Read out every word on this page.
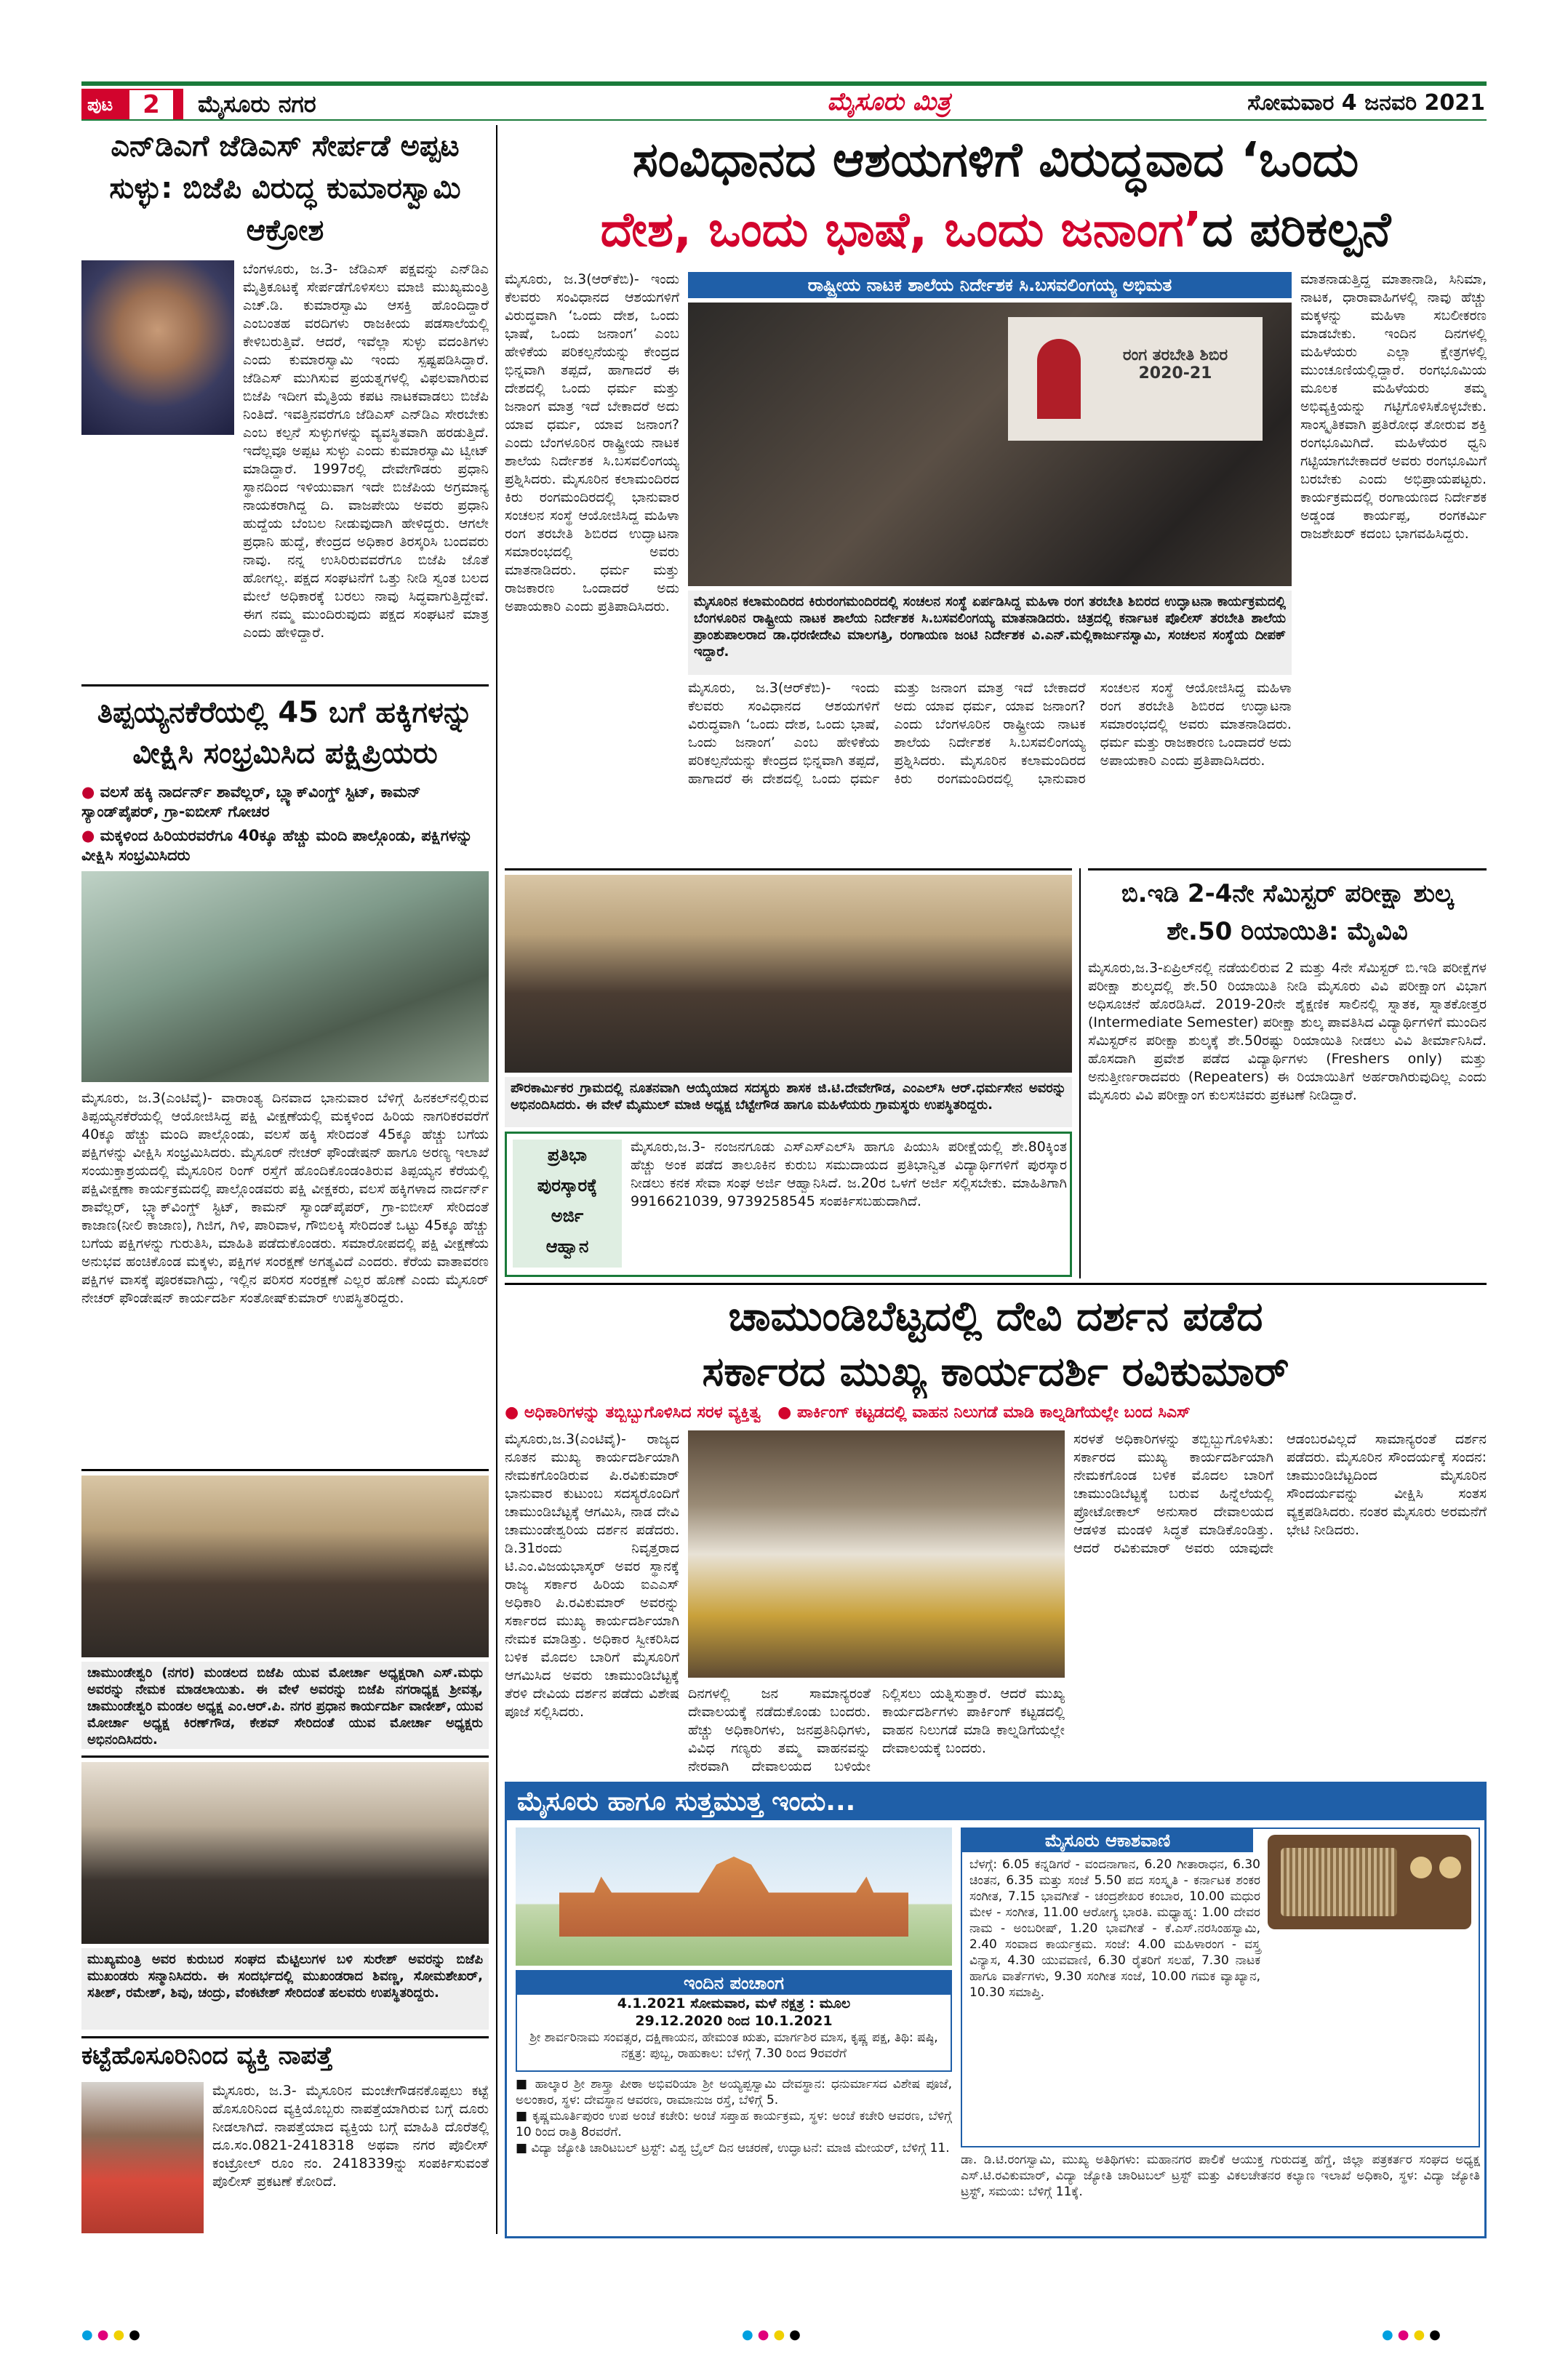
ಪುಟ	2	ಮೈಸೂರು ನಗರ	ಮೈಸೂರು ಮಿತ್ರ	ಸೋಮವಾರ 4 ಜನವರಿ 2021
ಎನ್‌ಡಿಎಗೆ ಜೆಡಿಎಸ್ ಸೇರ್ಪಡೆ ಅಪ್ಪಟ ಸುಳ್ಳು: ಬಿಜೆಪಿ ವಿರುದ್ಧ ಕುಮಾರಸ್ವಾಮಿ ಆಕ್ರೋಶ
ಬೆಂಗಳೂರು, ಜ.3- ಜೆಡಿಎಸ್ ಪಕ್ಷವನ್ನು ಎನ್‌ಡಿಎ ಮೈತ್ರಿಕೂಟಕ್ಕೆ ಸೇರ್ಪಡೆಗೊಳಿಸಲು ಮಾಜಿ ಮುಖ್ಯಮಂತ್ರಿ ಎಚ್.ಡಿ. ಕುಮಾರಸ್ವಾಮಿ ಆಸಕ್ತಿ ಹೊಂದಿದ್ದಾರೆ ಎಂಬಂತಹ ವರದಿಗಳು ರಾಜಕೀಯ ಪಡಸಾಲೆಯಲ್ಲಿ ಕೇಳಿಬರುತ್ತಿವೆ. ಆದರೆ, ಇವೆಲ್ಲಾ ಸುಳ್ಳು ವದಂತಿಗಳು ಎಂದು ಕುಮಾರಸ್ವಾಮಿ ಇಂದು ಸ್ಪಷ್ಟಪಡಿಸಿದ್ದಾರೆ. ಜೆಡಿಎಸ್ ಮುಗಿಸುವ ಪ್ರಯತ್ನಗಳಲ್ಲಿ ವಿಫಲವಾಗಿರುವ ಬಿಜೆಪಿ ಇದೀಗ ಮೈತ್ರಿಯ ಕಪಟ ನಾಟಕವಾಡಲು ಬಿಜೆಪಿ ನಿಂತಿದೆ. ಇವತ್ತಿನವರೆಗೂ ಜೆಡಿಎಸ್ ಎನ್‌ಡಿಎ ಸೇರಬೇಕು ಎಂಬ ಕಲ್ಪನೆ ಸುಳ್ಳುಗಳನ್ನು ವ್ಯವಸ್ಥಿತವಾಗಿ ಹರಡುತ್ತಿದೆ. ಇದೆಲ್ಲವೂ ಅಪ್ಪಟ ಸುಳ್ಳು ಎಂದು ಕುಮಾರಸ್ವಾಮಿ ಟ್ವೀಟ್ ಮಾಡಿದ್ದಾರೆ. 1997ರಲ್ಲಿ ದೇವೇಗೌಡರು ಪ್ರಧಾನಿ ಸ್ಥಾನದಿಂದ ಇಳಿಯುವಾಗ ಇದೇ ಬಿಜೆಪಿಯ ಅಗ್ರಮಾನ್ಯ ನಾಯಕರಾಗಿದ್ದ ದಿ. ವಾಜಪೇಯಿ ಅವರು ಪ್ರಧಾನಿ ಹುದ್ದೆಯ ಬೆಂಬಲ ನೀಡುವುದಾಗಿ ಹೇಳಿದ್ದರು. ಆಗಲೇ ಪ್ರಧಾನಿ ಹುದ್ದೆ, ಕೇಂದ್ರದ ಅಧಿಕಾರ ತಿರಸ್ಕರಿಸಿ ಬಂದವರು ನಾವು. ನನ್ನ ಉಸಿರಿರುವವರೆಗೂ ಬಿಜೆಪಿ ಜೊತೆ ಹೋಗಲ್ಲ. ಪಕ್ಷದ ಸಂಘಟನೆಗೆ ಒತ್ತು ನೀಡಿ ಸ್ವಂತ ಬಲದ ಮೇಲೆ ಅಧಿಕಾರಕ್ಕೆ ಬರಲು ನಾವು ಸಿದ್ಧವಾಗುತ್ತಿದ್ದೇವೆ. ಈಗ ನಮ್ಮ ಮುಂದಿರುವುದು ಪಕ್ಷದ ಸಂಘಟನೆ ಮಾತ್ರ ಎಂದು ಹೇಳಿದ್ದಾರೆ.
ತಿಪ್ಪಯ್ಯನಕೆರೆಯಲ್ಲಿ 45 ಬಗೆ ಹಕ್ಕಿಗಳನ್ನು ವೀಕ್ಷಿಸಿ ಸಂಭ್ರಮಿಸಿದ ಪಕ್ಷಿಪ್ರಿಯರು
● ವಲಸೆ ಹಕ್ಕಿ ನಾರ್ದರ್ನ್ ಶಾವೆಲ್ಲರ್, ಬ್ಲ್ಯಾಕ್‌ವಿಂಗ್ಡ್ ಸ್ಟಿಟ್, ಕಾಮನ್ ಸ್ಯಾಂಡ್‌ಪೈಪರ್, ಗ್ರಾ-ಐಬೀಸ್ ಗೋಚರ
● ಮಕ್ಕಳಿಂದ ಹಿರಿಯರವರೆಗೂ 40ಕ್ಕೂ ಹೆಚ್ಚು ಮಂದಿ ಪಾಲ್ಗೊಂಡು, ಪಕ್ಷಿಗಳನ್ನು ವೀಕ್ಷಿಸಿ ಸಂಭ್ರಮಿಸಿದರು
ಮೈಸೂರು, ಜ.3(ಎಂಟಿವೈ)- ವಾರಾಂತ್ಯ ದಿನವಾದ ಭಾನುವಾರ ಬೆಳಿಗ್ಗೆ ಹಿನಕಲ್‌ನಲ್ಲಿರುವ ತಿಪ್ಪಯ್ಯನಕೆರೆಯಲ್ಲಿ ಆಯೋಜಿಸಿದ್ದ ಪಕ್ಷಿ ವೀಕ್ಷಣೆಯಲ್ಲಿ ಮಕ್ಕಳಿಂದ ಹಿರಿಯ ನಾಗರಿಕರವರೆಗೆ 40ಕ್ಕೂ ಹೆಚ್ಚು ಮಂದಿ ಪಾಲ್ಗೊಂಡು, ವಲಸೆ ಹಕ್ಕಿ ಸೇರಿದಂತೆ 45ಕ್ಕೂ ಹೆಚ್ಚು ಬಗೆಯ ಪಕ್ಷಿಗಳನ್ನು ವೀಕ್ಷಿಸಿ ಸಂಭ್ರಮಿಸಿದರು. ಮೈಸೂರ್ ನೇಚರ್ ಫೌಂಡೇಷನ್ ಹಾಗೂ ಅರಣ್ಯ ಇಲಾಖೆ ಸಂಯುಕ್ತಾಶ್ರಯದಲ್ಲಿ ಮೈಸೂರಿನ ರಿಂಗ್ ರಸ್ತೆಗೆ ಹೊಂದಿಕೊಂಡಂತಿರುವ ತಿಪ್ಪಯ್ಯನ ಕೆರೆಯಲ್ಲಿ ಪಕ್ಷಿವೀಕ್ಷಣಾ ಕಾರ್ಯಕ್ರಮದಲ್ಲಿ ಪಾಲ್ಗೊಂಡವರು ಪಕ್ಷಿ ವೀಕ್ಷಕರು, ವಲಸೆ ಹಕ್ಕಿಗಳಾದ ನಾರ್ದರ್ನ್ ಶಾವೆಲ್ಲರ್, ಬ್ಲ್ಯಾಕ್‌ವಿಂಗ್ಡ್ ಸ್ಟಿಟ್, ಕಾಮನ್ ಸ್ಯಾಂಡ್‌ಪೈಪರ್, ಗ್ರಾ-ಐಬೀಸ್ ಸೇರಿದಂತೆ ಕಾಜಾಣ(ನೀಲಿ ಕಾಜಾಣ), ಗಿಜಿಗ, ಗಿಳಿ, ಪಾರಿವಾಳ, ಗೌಬಿಲಕ್ಕಿ ಸೇರಿದಂತೆ ಒಟ್ಟು 45ಕ್ಕೂ ಹೆಚ್ಚು ಬಗೆಯ ಪಕ್ಷಿಗಳನ್ನು ಗುರುತಿಸಿ, ಮಾಹಿತಿ ಪಡೆದುಕೊಂಡರು. ಸಮಾರೋಪದಲ್ಲಿ ಪಕ್ಷಿ ವೀಕ್ಷಣೆಯ ಅನುಭವ ಹಂಚಿಕೊಂಡ ಮಕ್ಕಳು, ಪಕ್ಷಿಗಳ ಸಂರಕ್ಷಣೆ ಅಗತ್ಯವಿದೆ ಎಂದರು. ಕೆರೆಯ ವಾತಾವರಣ ಪಕ್ಷಿಗಳ ವಾಸಕ್ಕೆ ಪೂರಕವಾಗಿದ್ದು, ಇಲ್ಲಿನ ಪರಿಸರ ಸಂರಕ್ಷಣೆ ಎಲ್ಲರ ಹೊಣೆ ಎಂದು ಮೈಸೂರ್ ನೇಚರ್ ಫೌಂಡೇಷನ್ ಕಾರ್ಯದರ್ಶಿ ಸಂತೋಷ್‌ಕುಮಾರ್ ಉಪಸ್ಥಿತರಿದ್ದರು.
ಚಾಮುಂಡೇಶ್ವರಿ (ನಗರ) ಮಂಡಲದ ಬಿಜೆಪಿ ಯುವ ಮೋರ್ಚಾ ಅಧ್ಯಕ್ಷರಾಗಿ ಎಸ್.ಮಧು ಅವರನ್ನು ನೇಮಕ ಮಾಡಲಾಯಿತು. ಈ ವೇಳೆ ಅವರನ್ನು ಬಿಜೆಪಿ ನಗರಾಧ್ಯಕ್ಷ ಶ್ರೀವತ್ಸ, ಚಾಮುಂಡೇಶ್ವರಿ ಮಂಡಲ ಅಧ್ಯಕ್ಷ ಎಂ.ಆರ್.ಪಿ. ನಗರ ಪ್ರಧಾನ ಕಾರ್ಯದರ್ಶಿ ವಾಣೀಶ್, ಯುವ ಮೋರ್ಚಾ ಅಧ್ಯಕ್ಷ ಕಿರಣ್‌ಗೌಡ, ಕೇಶವ್ ಸೇರಿದಂತೆ ಯುವ ಮೋರ್ಚಾ ಅಧ್ಯಕ್ಷರು ಅಭಿನಂದಿಸಿದರು.
ಮುಖ್ಯಮಂತ್ರಿ ಅವರ ಕುರುಬರ ಸಂಘದ ಮೆಟ್ಟಿಲುಗಳ ಬಳಿ ಸುರೇಶ್‌ ಅವರನ್ನು ಬಿಜೆಪಿ ಮುಖಂಡರು ಸನ್ಮಾನಿಸಿದರು. ಈ ಸಂದರ್ಭದಲ್ಲಿ ಮುಖಂಡರಾದ ಶಿವಣ್ಣ, ಸೋಮಶೇಖರ್, ಸತೀಶ್, ರಮೇಶ್, ಶಿವು, ಚಂದ್ರು, ವೆಂಕಟೇಶ್ ಸೇರಿದಂತೆ ಹಲವರು ಉಪಸ್ಥಿತರಿದ್ದರು.
ಕಟ್ಟೆಹೊಸೂರಿನಿಂದ ವ್ಯಕ್ತಿ ನಾಪತ್ತೆ
ಮೈಸೂರು, ಜ.3- ಮೈಸೂರಿನ ಮಂಚೇಗೌಡನಕೊಪ್ಪಲು ಕಟ್ಟೆ ಹೊಸೂರಿನಿಂದ ವ್ಯಕ್ತಿಯೊಬ್ಬರು ನಾಪತ್ತೆಯಾಗಿರುವ ಬಗ್ಗೆ ದೂರು ನೀಡಲಾಗಿದೆ. ನಾಪತ್ತೆಯಾದ ವ್ಯಕ್ತಿಯ ಬಗ್ಗೆ ಮಾಹಿತಿ ದೊರೆತಲ್ಲಿ ದೂ.ಸಂ.0821-2418318 ಅಥವಾ ನಗರ ಪೊಲೀಸ್ ಕಂಟ್ರೋಲ್ ರೂಂ ನಂ. 2418339ನ್ನು ಸಂಪರ್ಕಿಸುವಂತೆ ಪೊಲೀಸ್ ಪ್ರಕಟಣೆ ಕೋರಿದೆ.
ಸಂವಿಧಾನದ ಆಶಯಗಳಿಗೆ ವಿರುದ್ಧವಾದ ‘ಒಂದು
ದೇಶ, ಒಂದು ಭಾಷೆ, ಒಂದು ಜನಾಂಗ’ದ ಪರಿಕಲ್ಪನೆ
ಮೈಸೂರು, ಜ.3(ಆರ್‌ಕೆಬಿ)- ಇಂದು ಕೆಲವರು ಸಂವಿಧಾನದ ಆಶಯಗಳಿಗೆ ವಿರುದ್ಧವಾಗಿ ‘ಒಂದು ದೇಶ, ಒಂದು ಭಾಷೆ, ಒಂದು ಜನಾಂಗ’ ಎಂಬ ಹೇಳಿಕೆಯ ಪರಿಕಲ್ಪನೆಯನ್ನು ಕೇಂದ್ರದ ಭಿನ್ನವಾಗಿ ತಪ್ಪದೆ, ಹಾಗಾದರೆ ಈ ದೇಶದಲ್ಲಿ ಒಂದು ಧರ್ಮ ಮತ್ತು ಜನಾಂಗ ಮಾತ್ರ ಇದೆ ಬೇಕಾದರೆ ಅದು ಯಾವ ಧರ್ಮ, ಯಾವ ಜನಾಂಗ? ಎಂದು ಬೆಂಗಳೂರಿನ ರಾಷ್ಟ್ರೀಯ ನಾಟಕ ಶಾಲೆಯ ನಿರ್ದೇಶಕ ಸಿ.ಬಸವಲಿಂಗಯ್ಯ ಪ್ರಶ್ನಿಸಿದರು. ಮೈಸೂರಿನ ಕಲಾಮಂದಿರದ ಕಿರು ರಂಗಮಂದಿರದಲ್ಲಿ ಭಾನುವಾರ ಸಂಚಲನ ಸಂಸ್ಥೆ ಆಯೋಜಿಸಿದ್ದ ಮಹಿಳಾ ರಂಗ ತರಬೇತಿ ಶಿಬಿರದ ಉದ್ಘಾಟನಾ ಸಮಾರಂಭದಲ್ಲಿ ಅವರು ಮಾತನಾಡಿದರು. ಧರ್ಮ ಮತ್ತು ರಾಜಕಾರಣ ಒಂದಾದರೆ ಅದು ಅಪಾಯಕಾರಿ ಎಂದು ಪ್ರತಿಪಾದಿಸಿದರು.
ರಾಷ್ಟ್ರೀಯ ನಾಟಕ ಶಾಲೆಯ ನಿರ್ದೇಶಕ ಸಿ.ಬಸವಲಿಂಗಯ್ಯ ಅಭಿಮತ
ರಂಗ ತರಬೇತಿ ಶಿಬಿರ 2020-21
ಮೈಸೂರಿನ ಕಲಾಮಂದಿರದ ಕಿರುರಂಗಮಂದಿರದಲ್ಲಿ ಸಂಚಲನ ಸಂಸ್ಥೆ ಏರ್ಪಡಿಸಿದ್ದ ಮಹಿಳಾ ರಂಗ ತರಬೇತಿ ಶಿಬಿರದ ಉದ್ಘಾಟನಾ ಕಾರ್ಯಕ್ರಮದಲ್ಲಿ ಬೆಂಗಳೂರಿನ ರಾಷ್ಟ್ರೀಯ ನಾಟಕ ಶಾಲೆಯ ನಿರ್ದೇಶಕ ಸಿ.ಬಸವಲಿಂಗಯ್ಯ ಮಾತನಾಡಿದರು. ಚಿತ್ರದಲ್ಲಿ ಕರ್ನಾಟಕ ಪೊಲೀಸ್ ತರಬೇತಿ ಶಾಲೆಯ ಪ್ರಾಂಶುಪಾಲರಾದ ಡಾ.ಧರಣೀದೇವಿ ಮಾಲಗತ್ತಿ, ರಂಗಾಯಣ ಜಂಟಿ ನಿರ್ದೇಶಕ ವಿ.ಎನ್.ಮಲ್ಲಿಕಾರ್ಜುನಸ್ವಾಮಿ, ಸಂಚಲನ ಸಂಸ್ಥೆಯ ದೀಪಕ್ ಇದ್ದಾರೆ.
ಮೈಸೂರು, ಜ.3(ಆರ್‌ಕೆಬಿ)- ಇಂದು ಕೆಲವರು ಸಂವಿಧಾನದ ಆಶಯಗಳಿಗೆ ವಿರುದ್ಧವಾಗಿ ‘ಒಂದು ದೇಶ, ಒಂದು ಭಾಷೆ, ಒಂದು ಜನಾಂಗ’ ಎಂಬ ಹೇಳಿಕೆಯ ಪರಿಕಲ್ಪನೆಯನ್ನು ಕೇಂದ್ರದ ಭಿನ್ನವಾಗಿ ತಪ್ಪದೆ, ಹಾಗಾದರೆ ಈ ದೇಶದಲ್ಲಿ ಒಂದು ಧರ್ಮ ಮತ್ತು ಜನಾಂಗ ಮಾತ್ರ ಇದೆ ಬೇಕಾದರೆ ಅದು ಯಾವ ಧರ್ಮ, ಯಾವ ಜನಾಂಗ? ಎಂದು ಬೆಂಗಳೂರಿನ ರಾಷ್ಟ್ರೀಯ ನಾಟಕ ಶಾಲೆಯ ನಿರ್ದೇಶಕ ಸಿ.ಬಸವಲಿಂಗಯ್ಯ ಪ್ರಶ್ನಿಸಿದರು. ಮೈಸೂರಿನ ಕಲಾಮಂದಿರದ ಕಿರು ರಂಗಮಂದಿರದಲ್ಲಿ ಭಾನುವಾರ ಸಂಚಲನ ಸಂಸ್ಥೆ ಆಯೋಜಿಸಿದ್ದ ಮಹಿಳಾ ರಂಗ ತರಬೇತಿ ಶಿಬಿರದ ಉದ್ಘಾಟನಾ ಸಮಾರಂಭದಲ್ಲಿ ಅವರು ಮಾತನಾಡಿದರು. ಧರ್ಮ ಮತ್ತು ರಾಜಕಾರಣ ಒಂದಾದರೆ ಅದು ಅಪಾಯಕಾರಿ ಎಂದು ಪ್ರತಿಪಾದಿಸಿದರು.
ಮಾತನಾಡುತ್ತಿದ್ದ ಮಾತಾನಾಡಿ, ಸಿನಿಮಾ, ನಾಟಕ, ಧಾರಾವಾಹಿಗಳಲ್ಲಿ ನಾವು ಹೆಚ್ಚು ಮಕ್ಕಳನ್ನು ಮಹಿಳಾ ಸಬಲೀಕರಣ ಮಾಡಬೇಕು. ಇಂದಿನ ದಿನಗಳಲ್ಲಿ ಮಹಿಳೆಯರು ಎಲ್ಲಾ ಕ್ಷೇತ್ರಗಳಲ್ಲಿ ಮುಂಚೂಣಿಯಲ್ಲಿದ್ದಾರೆ. ರಂಗಭೂಮಿಯ ಮೂಲಕ ಮಹಿಳೆಯರು ತಮ್ಮ ಅಭಿವ್ಯಕ್ತಿಯನ್ನು ಗಟ್ಟಿಗೊಳಿಸಿಕೊಳ್ಳಬೇಕು. ಸಾಂಸ್ಕೃತಿಕವಾಗಿ ಪ್ರತಿರೋಧ ತೋರುವ ಶಕ್ತಿ ರಂಗಭೂಮಿಗಿದೆ. ಮಹಿಳೆಯರ ಧ್ವನಿ ಗಟ್ಟಿಯಾಗಬೇಕಾದರೆ ಅವರು ರಂಗಭೂಮಿಗೆ ಬರಬೇಕು ಎಂದು ಅಭಿಪ್ರಾಯಪಟ್ಟರು. ಕಾರ್ಯಕ್ರಮದಲ್ಲಿ ರಂಗಾಯಣದ ನಿರ್ದೇಶಕ ಅಡ್ಡಂಡ ಕಾರ್ಯಪ್ಪ, ರಂಗಕರ್ಮಿ ರಾಜಶೇಖರ್ ಕದಂಬ ಭಾಗವಹಿಸಿದ್ದರು.
ಪೌರಕಾರ್ಮಿಕರ ಗ್ರಾಮದಲ್ಲಿ ನೂತನವಾಗಿ ಆಯ್ಕೆಯಾದ ಸದಸ್ಯರು ಶಾಸಕ ಜಿ.ಟಿ.ದೇವೇಗೌಡ, ಎಂಎಲ್‌ಸಿ ಆರ್.ಧರ್ಮಸೇನ ಅವರನ್ನು ಅಭಿನಂದಿಸಿದರು. ಈ ವೇಳೆ ಮೈಮುಲ್ ಮಾಜಿ ಅಧ್ಯಕ್ಷ ಬೆಟ್ಟೇಗೌಡ ಹಾಗೂ ಮಹಿಳೆಯರು ಗ್ರಾಮಸ್ಥರು ಉಪಸ್ಥಿತರಿದ್ದರು.
ಪ್ರತಿಭಾ
ಪುರಸ್ಕಾರಕ್ಕೆ
ಅರ್ಜಿ
ಆಹ್ವಾನ
ಮೈಸೂರು,ಜ.3- ನಂಜನಗೂಡು ಎಸ್‌ಎಸ್‌ಎಲ್‌ಸಿ ಹಾಗೂ ಪಿಯುಸಿ ಪರೀಕ್ಷೆಯಲ್ಲಿ ಶೇ.80ಕ್ಕಿಂತ ಹೆಚ್ಚು ಅಂಕ ಪಡೆದ ತಾಲೂಕಿನ ಕುರುಬ ಸಮುದಾಯದ ಪ್ರತಿಭಾನ್ವಿತ ವಿದ್ಯಾರ್ಥಿಗಳಿಗೆ ಪುರಸ್ಕಾರ ನೀಡಲು ಕನಕ ಸೇವಾ ಸಂಘ ಅರ್ಜಿ ಆಹ್ವಾನಿಸಿದೆ. ಜ.20ರ ಒಳಗೆ ಅರ್ಜಿ ಸಲ್ಲಿಸಬೇಕು. ಮಾಹಿತಿಗಾಗಿ 9916621039, 9739258545 ಸಂಪರ್ಕಿಸಬಹುದಾಗಿದೆ.
ಬಿ.ಇಡಿ 2-4ನೇ ಸೆಮಿಸ್ಟರ್ ಪರೀಕ್ಷಾ ಶುಲ್ಕ ಶೇ.50 ರಿಯಾಯಿತಿ: ಮೈವಿವಿ
ಮೈಸೂರು,ಜ.3-ಏಪ್ರಿಲ್‌ನಲ್ಲಿ ನಡೆಯಲಿರುವ 2 ಮತ್ತು 4ನೇ ಸೆಮಿಸ್ಟರ್ ಬಿ.ಇಡಿ ಪರೀಕ್ಷೆಗಳ ಪರೀಕ್ಷಾ ಶುಲ್ಕದಲ್ಲಿ ಶೇ.50 ರಿಯಾಯಿತಿ ನೀಡಿ ಮೈಸೂರು ವಿವಿ ಪರೀಕ್ಷಾಂಗ ವಿಭಾಗ ಅಧಿಸೂಚನೆ ಹೊರಡಿಸಿದೆ. 2019-20ನೇ ಶೈಕ್ಷಣಿಕ ಸಾಲಿನಲ್ಲಿ ಸ್ನಾತಕ, ಸ್ನಾತಕೋತ್ತರ (Intermediate Semester) ಪರೀಕ್ಷಾ ಶುಲ್ಕ ಪಾವತಿಸಿದ ವಿದ್ಯಾರ್ಥಿಗಳಿಗೆ ಮುಂದಿನ ಸೆಮಿಸ್ಟರ್‌ನ ಪರೀಕ್ಷಾ ಶುಲ್ಕಕ್ಕೆ ಶೇ.50ರಷ್ಟು ರಿಯಾಯಿತಿ ನೀಡಲು ವಿವಿ ತೀರ್ಮಾನಿಸಿದೆ. ಹೊಸದಾಗಿ ಪ್ರವೇಶ ಪಡೆದ ವಿದ್ಯಾರ್ಥಿಗಳು (Freshers only) ಮತ್ತು ಅನುತ್ತೀರ್ಣರಾದವರು (Repeaters) ಈ ರಿಯಾಯಿತಿಗೆ ಅರ್ಹರಾಗಿರುವುದಿಲ್ಲ ಎಂದು ಮೈಸೂರು ವಿವಿ ಪರೀಕ್ಷಾಂಗ ಕುಲಸಚಿವರು ಪ್ರಕಟಣೆ ನೀಡಿದ್ದಾರೆ.
ಚಾಮುಂಡಿಬೆಟ್ಟದಲ್ಲಿ ದೇವಿ ದರ್ಶನ ಪಡೆದ
ಸರ್ಕಾರದ ಮುಖ್ಯ ಕಾರ್ಯದರ್ಶಿ ರವಿಕುಮಾರ್
● ಅಧಿಕಾರಿಗಳನ್ನು ತಬ್ಬಿಬ್ಬುಗೊಳಿಸಿದ ಸರಳ ವ್ಯಕ್ತಿತ್ವ ● ಪಾರ್ಕಿಂಗ್ ಕಟ್ಟಡದಲ್ಲಿ ವಾಹನ ನಿಲುಗಡೆ ಮಾಡಿ ಕಾಲ್ನಡಿಗೆಯಲ್ಲೇ ಬಂದ ಸಿಎಸ್
ಮೈಸೂರು,ಜ.3(ಎಂಟಿವೈ)- ರಾಜ್ಯದ ನೂತನ ಮುಖ್ಯ ಕಾರ್ಯದರ್ಶಿಯಾಗಿ ನೇಮಕಗೊಂಡಿರುವ ಪಿ.ರವಿಕುಮಾರ್ ಭಾನುವಾರ ಕುಟುಂಬ ಸದಸ್ಯರೊಂದಿಗೆ ಚಾಮುಂಡಿಬೆಟ್ಟಕ್ಕೆ ಆಗಮಿಸಿ, ನಾಡ ದೇವಿ ಚಾಮುಂಡೇಶ್ವರಿಯ ದರ್ಶನ ಪಡೆದರು. ಡಿ.31ರಂದು ನಿವೃತ್ತರಾದ ಟಿ.ಎಂ.ವಿಜಯಭಾಸ್ಕರ್ ಅವರ ಸ್ಥಾನಕ್ಕೆ ರಾಜ್ಯ ಸರ್ಕಾರ ಹಿರಿಯ ಐಎಎಸ್ ಅಧಿಕಾರಿ ಪಿ.ರವಿಕುಮಾರ್ ಅವರನ್ನು ಸರ್ಕಾರದ ಮುಖ್ಯ ಕಾರ್ಯದರ್ಶಿಯಾಗಿ ನೇಮಕ ಮಾಡಿತ್ತು. ಅಧಿಕಾರ ಸ್ವೀಕರಿಸಿದ ಬಳಿಕ ಮೊದಲ ಬಾರಿಗೆ ಮೈಸೂರಿಗೆ ಆಗಮಿಸಿದ ಅವರು ಚಾಮುಂಡಿಬೆಟ್ಟಕ್ಕೆ ತೆರಳಿ ದೇವಿಯ ದರ್ಶನ ಪಡೆದು ವಿಶೇಷ ಪೂಜೆ ಸಲ್ಲಿಸಿದರು.
ದಿನಗಳಲ್ಲಿ ಜನ ಸಾಮಾನ್ಯರಂತೆ ದೇವಾಲಯಕ್ಕೆ ನಡೆದುಕೊಂಡು ಬಂದರು. ಹೆಚ್ಚು ಅಧಿಕಾರಿಗಳು, ಜನಪ್ರತಿನಿಧಿಗಳು, ವಿವಿಧ ಗಣ್ಯರು ತಮ್ಮ ವಾಹನವನ್ನು ನೇರವಾಗಿ ದೇವಾಲಯದ ಬಳಿಯೇ ನಿಲ್ಲಿಸಲು ಯತ್ನಿಸುತ್ತಾರೆ. ಆದರೆ ಮುಖ್ಯ ಕಾರ್ಯದರ್ಶಿಗಳು ಪಾರ್ಕಿಂಗ್ ಕಟ್ಟಡದಲ್ಲಿ ವಾಹನ ನಿಲುಗಡೆ ಮಾಡಿ ಕಾಲ್ನಡಿಗೆಯಲ್ಲೇ ದೇವಾಲಯಕ್ಕೆ ಬಂದರು.
ಸರಳತೆ ಅಧಿಕಾರಿಗಳನ್ನು ತಬ್ಬಿಬ್ಬುಗೊಳಿಸಿತು: ಸರ್ಕಾರದ ಮುಖ್ಯ ಕಾರ್ಯದರ್ಶಿಯಾಗಿ ನೇಮಕಗೊಂಡ ಬಳಿಕ ಮೊದಲ ಬಾರಿಗೆ ಚಾಮುಂಡಿಬೆಟ್ಟಕ್ಕೆ ಬರುವ ಹಿನ್ನೆಲೆಯಲ್ಲಿ ಪ್ರೋಟೋಕಾಲ್ ಅನುಸಾರ ದೇವಾಲಯದ ಆಡಳಿತ ಮಂಡಳಿ ಸಿದ್ಧತೆ ಮಾಡಿಕೊಂಡಿತ್ತು. ಆದರೆ ರವಿಕುಮಾರ್ ಅವರು ಯಾವುದೇ ಆಡಂಬರವಿಲ್ಲದೆ ಸಾಮಾನ್ಯರಂತೆ ದರ್ಶನ ಪಡೆದರು. ಮೈಸೂರಿನ ಸೌಂದರ್ಯಕ್ಕೆ ಸಂದನ: ಚಾಮುಂಡಿಬೆಟ್ಟದಿಂದ ಮೈಸೂರಿನ ಸೌಂದರ್ಯವನ್ನು ವೀಕ್ಷಿಸಿ ಸಂತಸ ವ್ಯಕ್ತಪಡಿಸಿದರು. ನಂತರ ಮೈಸೂರು ಅರಮನೆಗೆ ಭೇಟಿ ನೀಡಿದರು.
ಮೈಸೂರು ಹಾಗೂ ಸುತ್ತಮುತ್ತ ಇಂದು...
ಇಂದಿನ ಪಂಚಾಂಗ
4.1.2021 ಸೋಮವಾರ, ಮಳೆ ನಕ್ಷತ್ರ : ಮೂಲ
29.12.2020 ರಿಂದ 10.1.2021
ಶ್ರೀ ಶಾರ್ವರಿನಾಮ ಸಂವತ್ಸರ, ದಕ್ಷಿಣಾಯನ, ಹೇಮಂತ ಋತು, ಮಾರ್ಗಶಿರ ಮಾಸ, ಕೃಷ್ಣ ಪಕ್ಷ, ತಿಥಿ: ಷಷ್ಠಿ, ನಕ್ಷತ್ರ: ಪುಬ್ಬ, ರಾಹುಕಾಲ: ಬೆಳಿಗ್ಗೆ 7.30 ರಿಂದ 9ರವರೆಗೆ
■ ಹಾಲ್ಕಾರ ಶ್ರೀ ಶಾಸ್ತ್ರಾ ಪೀಠಾ ಅಭಿವರಿಯಾ ಶ್ರೀ ಅಯ್ಯಪ್ಪಸ್ವಾಮಿ ದೇವಸ್ಥಾನ: ಧನುರ್ಮಾಸದ ವಿಶೇಷ ಪೂಜೆ, ಅಲಂಕಾರ, ಸ್ಥಳ: ದೇವಸ್ಥಾನ ಆವರಣ, ರಾಮಾನುಜ ರಸ್ತೆ, ಬೆಳಿಗ್ಗೆ 5.
■ ಕೃಷ್ಣಮೂರ್ತಿಪುರಂ ಉಪ ಅಂಚೆ ಕಚೇರಿ: ಅಂಚೆ ಸಪ್ತಾಹ ಕಾರ್ಯಕ್ರಮ, ಸ್ಥಳ: ಅಂಚೆ ಕಚೇರಿ ಆವರಣ, ಬೆಳಿಗ್ಗೆ 10 ರಿಂದ ರಾತ್ರಿ 8ರವರೆಗೆ.
■ ವಿದ್ಯಾ ಜ್ಯೋತಿ ಚಾರಿಟಬಲ್ ಟ್ರಸ್ಟ್: ವಿಶ್ವ ಬ್ರೈಲ್ ದಿನ ಆಚರಣೆ, ಉದ್ಘಾಟನೆ: ಮಾಜಿ ಮೇಯರ್, ಬೆಳಿಗ್ಗೆ 11.
ಮೈಸೂರು ಆಕಾಶವಾಣಿ
ಬೆಳಗ್ಗೆ: 6.05 ಕನ್ನಡಿಗರೆ - ವಂದನಾಗಾನ, 6.20 ಗೀತಾರಾಧನ, 6.30 ಚಿಂತನ, 6.35 ಮತ್ತು ಸಂಜೆ 5.50 ಪದ ಸಂಸ್ಕೃತಿ - ಕರ್ನಾಟಕ ಶಂಕರ ಸಂಗೀತ, 7.15 ಭಾವಗೀತೆ - ಚಂದ್ರಶೇಖರ ಕಂಬಾರ, 10.00 ಮಧುರ ಮೇಳ - ಸಂಗೀತ, 11.00 ಆರೋಗ್ಯ ಭಾರತಿ. ಮಧ್ಯಾಹ್ನ: 1.00 ದೇವರ ನಾಮ - ಅಂಬರೀಷ್, 1.20 ಭಾವಗೀತೆ - ಕೆ.ಎಸ್.ನರಸಿಂಹಸ್ವಾಮಿ, 2.40 ಸಂವಾದ ಕಾರ್ಯಕ್ರಮ. ಸಂಜೆ: 4.00 ಮಹಿಳಾರಂಗ - ವಸ್ತ್ರ ವಿನ್ಯಾಸ, 4.30 ಯುವವಾಣಿ, 6.30 ರೈತರಿಗೆ ಸಲಹೆ, 7.30 ನಾಟಕ ಹಾಗೂ ವಾರ್ತೆಗಳು, 9.30 ಸಂಗೀತ ಸಂಜೆ, 10.00 ಗಮಕ ವ್ಯಾಖ್ಯಾನ, 10.30 ಸಮಾಪ್ತಿ.
ಡಾ. ಡಿ.ಟಿ.ರಂಗಸ್ವಾಮಿ, ಮುಖ್ಯ ಅತಿಥಿಗಳು: ಮಹಾನಗರ ಪಾಲಿಕೆ ಆಯುಕ್ತ ಗುರುದತ್ತ ಹೆಗ್ಡೆ, ಜಿಲ್ಲಾ ಪತ್ರಕರ್ತರ ಸಂಘದ ಅಧ್ಯಕ್ಷ ಎಸ್.ಟಿ.ರವಿಕುಮಾರ್, ವಿದ್ಯಾ ಜ್ಯೋತಿ ಚಾರಿಟಬಲ್ ಟ್ರಸ್ಟ್ ಮತ್ತು ವಿಕಲಚೇತನರ ಕಲ್ಯಾಣ ಇಲಾಖೆ ಅಧಿಕಾರಿ, ಸ್ಥಳ: ವಿದ್ಯಾ ಜ್ಯೋತಿ ಟ್ರಸ್ಟ್, ಸಮಯ: ಬೆಳಿಗ್ಗೆ 11ಕ್ಕೆ.
●●●●	●●●●	●●●●
